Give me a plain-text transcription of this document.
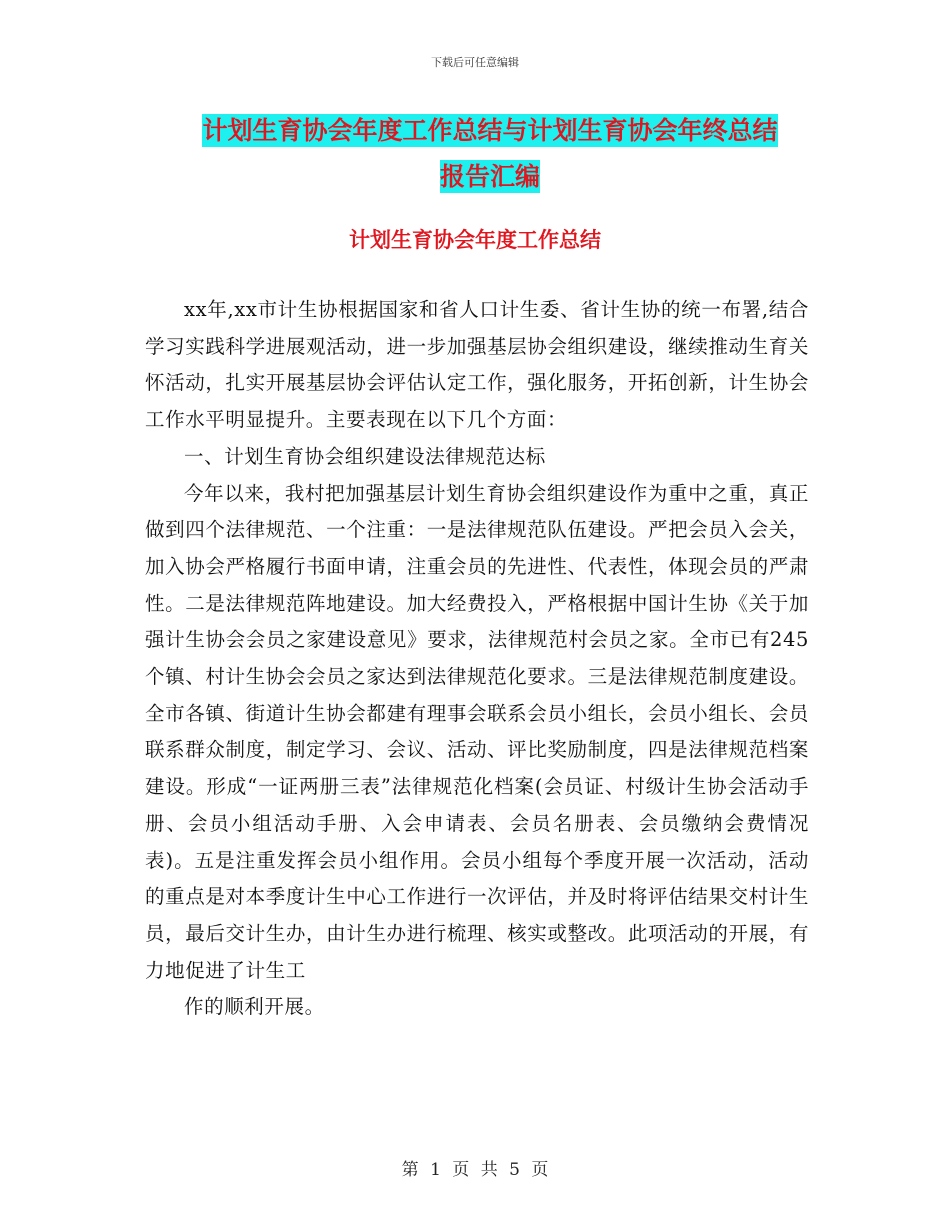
下载后可任意编辑
计划生育协会年度工作总结与计划生育协会年终总结
报告汇编
计划生育协会年度工作总结

xx年,xx市计生协根据国家和省人口计生委、省计生协的统一布署,结合学习实践科学进展观活动，进一步加强基层协会组织建设，继续推动生育关怀活动，扎实开展基层协会评估认定工作，强化服务，开拓创新，计生协会工作水平明显提升。主要表现在以下几个方面：

一、计划生育协会组织建设法律规范达标

今年以来，我村把加强基层计划生育协会组织建设作为重中之重，真正做到四个法律规范、一个注重：一是法律规范队伍建设。严把会员入会关，加入协会严格履行书面申请，注重会员的先进性、代表性，体现会员的严肃性。二是法律规范阵地建设。加大经费投入，严格根据中国计生协《关于加强计生协会会员之家建设意见》要求，法律规范村会员之家。全市已有245个镇、村计生协会会员之家达到法律规范化要求。三是法律规范制度建设。全市各镇、街道计生协会都建有理事会联系会员小组长，会员小组长、会员联系群众制度，制定学习、会议、活动、评比奖励制度，四是法律规范档案建设。形成“一证两册三表”法律规范化档案(会员证、村级计生协会活动手册、会员小组活动手册、入会申请表、会员名册表、会员缴纳会费情况表)。五是注重发挥会员小组作用。会员小组每个季度开展一次活动，活动的重点是对本季度计生中心工作进行一次评估，并及时将评估结果交村计生员，最后交计生办，由计生办进行梳理、核实或整改。此项活动的开展，有力地促进了计生工

作的顺利开展。

第 1 页 共 5 页
